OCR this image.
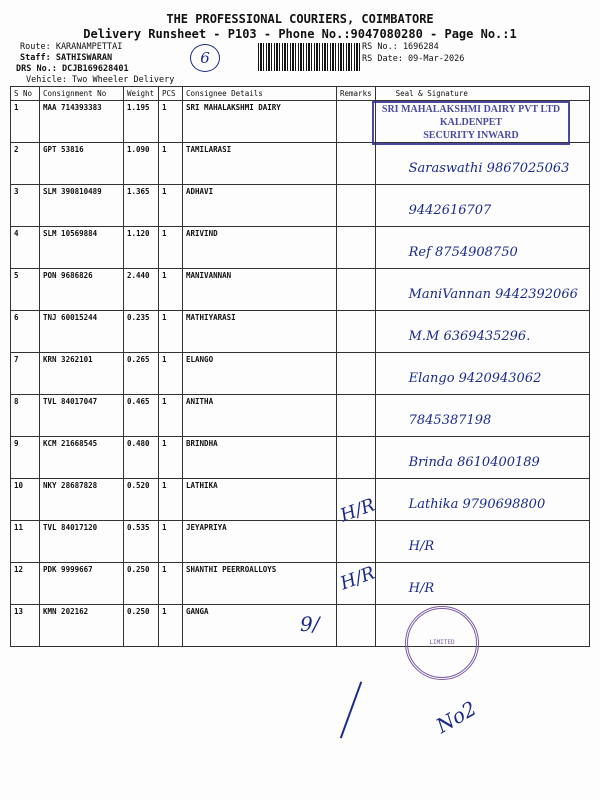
THE PROFESSIONAL COURIERS, COIMBATORE
Delivery Runsheet - P103 - Phone No.:9047080280 - Page No.:1
Route: KARANAMPETTAI
Staff: SATHISWARAN
DRS No.: DCJB169628401
Vehicle: Two Wheeler Delivery
6
RS No.: 1696284
RS Date: 09-Mar-2026
S No	Consignment No	Weight	PCS	Consignee Details	Remarks	Seal & Signature
1	MAA 714393383	1.195	1	SRI MAHALAKSHMI DAIRY		

2	GPT 53816	1.090	1	TAMILARASI		Saraswathi 9867025063

3	SLM 390810489	1.365	1	ADHAVI		9442616707

4	SLM 10569884	1.120	1	ARIVIND		Ref 8754908750

5	PON 9686826	2.440	1	MANIVANNAN		ManiVannan 9442392066

6	TNJ 60015244	0.235	1	MATHIYARASI		M.M 6369435296.

7	KRN 3262101	0.265	1	ELANGO		Elango 9420943062

8	TVL 84017047	0.465	1	ANITHA		7845387198

9	KCM 21668545	0.480	1	BRINDHA		Brinda 8610400189

10	NKY 28687828	0.520	1	LATHIKA		Lathika 9790698800

11	TVL 84017120	0.535	1	JEYAPRIYA		H/R

12	PDK 9999667	0.250	1	SHANTHI PEERROALLOYS		H/R

13	KMN 202162	0.250	1	GANGA		
SRI MAHALAKSHMI DAIRY PVT LTD
KALDENPET
SECURITY INWARD
H/R
H/R
LIMITED
9/
No2
